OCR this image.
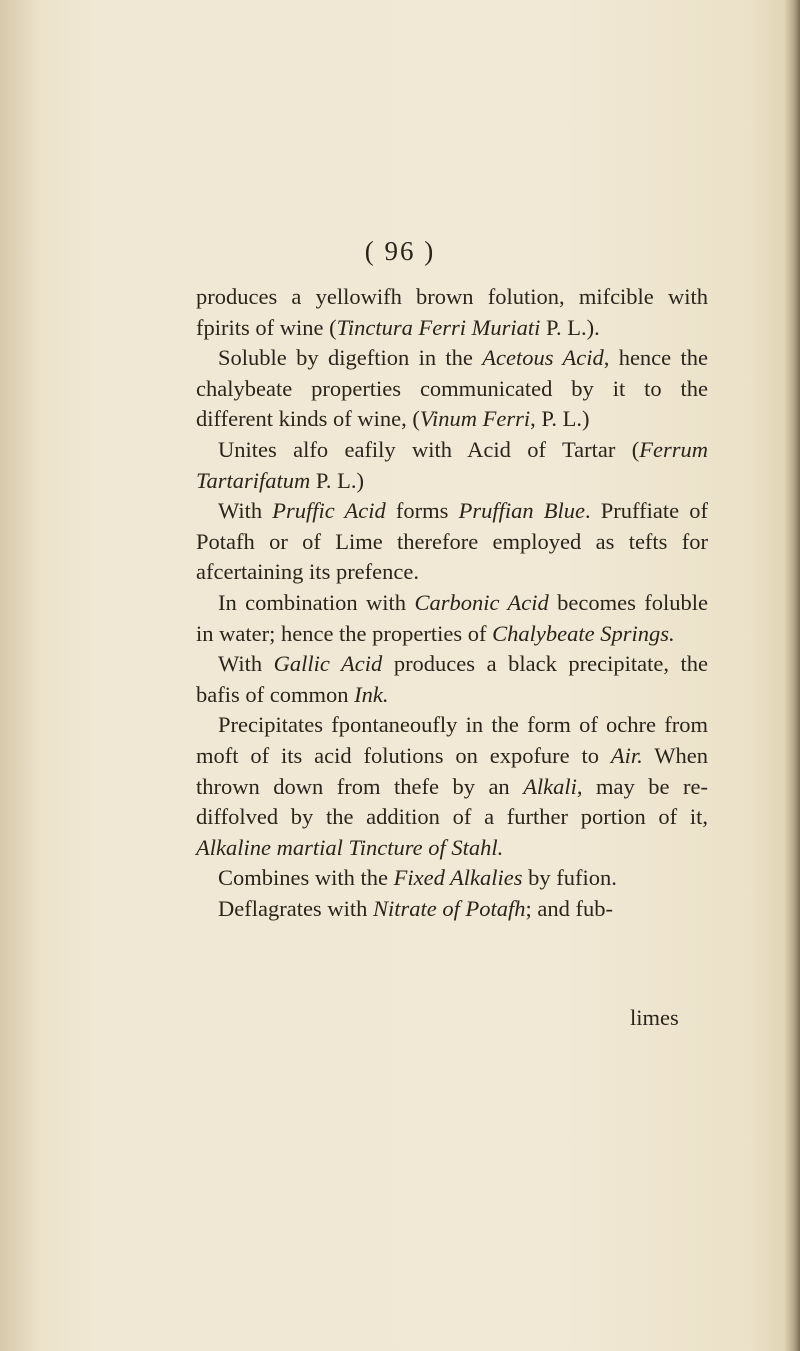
( 96 )

produces a yellowifh brown folution, mifcible with fpirits of wine (Tinctura Ferri Muriati P. L.).

Soluble by digeftion in the Acetous Acid, hence the chalybeate properties communicated by it to the different kinds of wine, (Vinum Ferri, P. L.)

Unites alfo eafily with Acid of Tartar (Ferrum Tartarifatum P. L.)

With Pruffic Acid forms Pruffian Blue. Pruffiate of Potafh or of Lime therefore employed as tefts for afcertaining its prefence.

In combination with Carbonic Acid becomes foluble in water; hence the properties of Chalybeate Springs.

With Gallic Acid produces a black precipitate, the bafis of common Ink.

Precipitates fpontaneoufly in the form of ochre from moft of its acid folutions on expofure to Air. When thrown down from thefe by an Alkali, may be re-diffolved by the addition of a further portion of it, Alkaline martial Tincture of Stahl.

Combines with the Fixed Alkalies by fufion.

Deflagrates with Nitrate of Potafh; and fub-

limes
